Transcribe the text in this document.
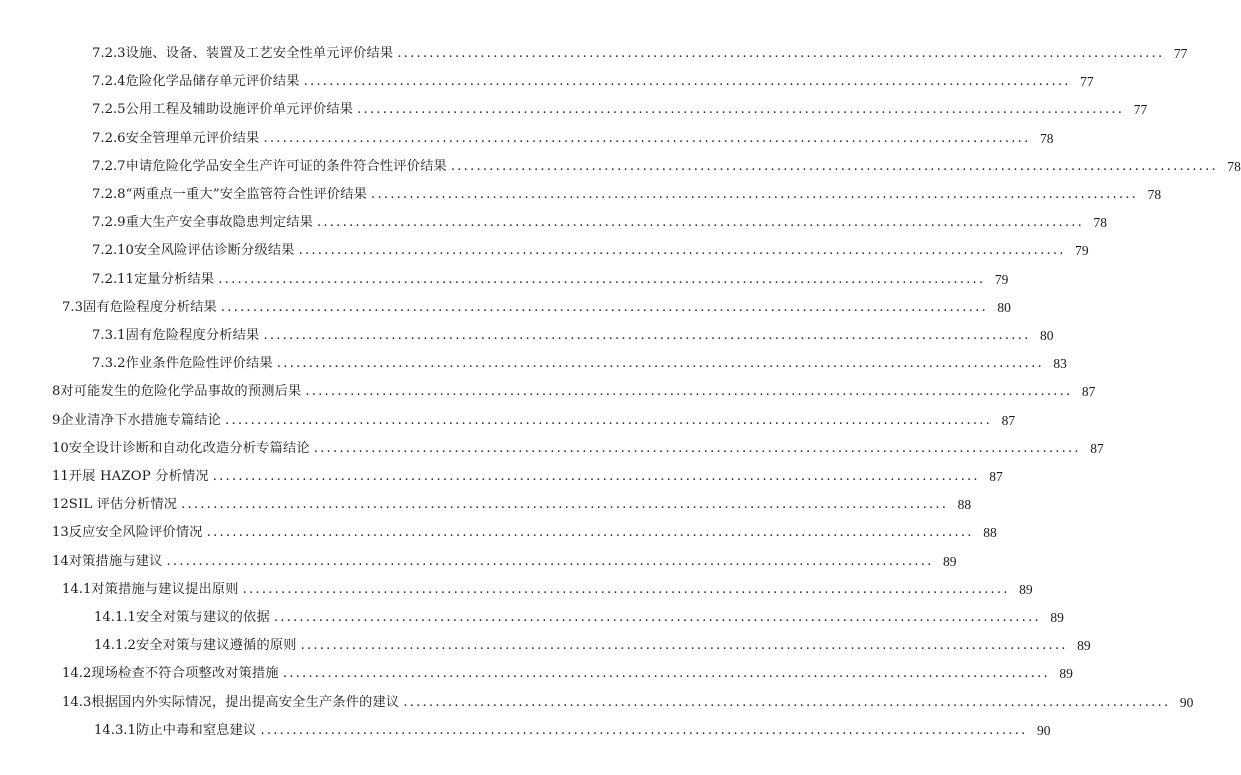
7.2.3 设施、设备、装置及工艺安全性单元评价结果 ........................................................................................................................ 77
7.2.4 危险化学品储存单元评价结果 ........................................................................................................................ 77
7.2.5 公用工程及辅助设施评价单元评价结果 ........................................................................................................................ 77
7.2.6 安全管理单元评价结果 ........................................................................................................................ 78
7.2.7 申请危险化学品安全生产许可证的条件符合性评价结果 ........................................................................................................................ 78
7.2.8 “两重点一重大”安全监管符合性评价结果 ........................................................................................................................ 78
7.2.9 重大生产安全事故隐患判定结果 ........................................................................................................................ 78
7.2.10 安全风险评估诊断分级结果 ........................................................................................................................ 79
7.2.11 定量分析结果 ........................................................................................................................ 79
7.3 固有危险程度分析结果 ........................................................................................................................ 80
7.3.1 固有危险程度分析结果 ........................................................................................................................ 80
7.3.2 作业条件危险性评价结果 ........................................................................................................................ 83
8 对可能发生的危险化学品事故的预测后果 ........................................................................................................................ 87
9 企业清净下水措施专篇结论 ........................................................................................................................ 87
10 安全设计诊断和自动化改造分析专篇结论 ........................................................................................................................ 87
11 开展 HAZOP 分析情况 ........................................................................................................................ 87
12 SIL 评估分析情况 ........................................................................................................................ 88
13 反应安全风险评价情况 ........................................................................................................................ 88
14 对策措施与建议 ........................................................................................................................ 89
14.1 对策措施与建议提出原则 ........................................................................................................................ 89
14.1.1 安全对策与建议的依据 ........................................................................................................................ 89
14.1.2 安全对策与建议遵循的原则 ........................................................................................................................ 89
14.2 现场检查不符合项整改对策措施 ........................................................................................................................ 89
14.3 根据国内外实际情况，提出提高安全生产条件的建议 ........................................................................................................................ 90
14.3.1 防止中毒和窒息建议 ........................................................................................................................ 90
